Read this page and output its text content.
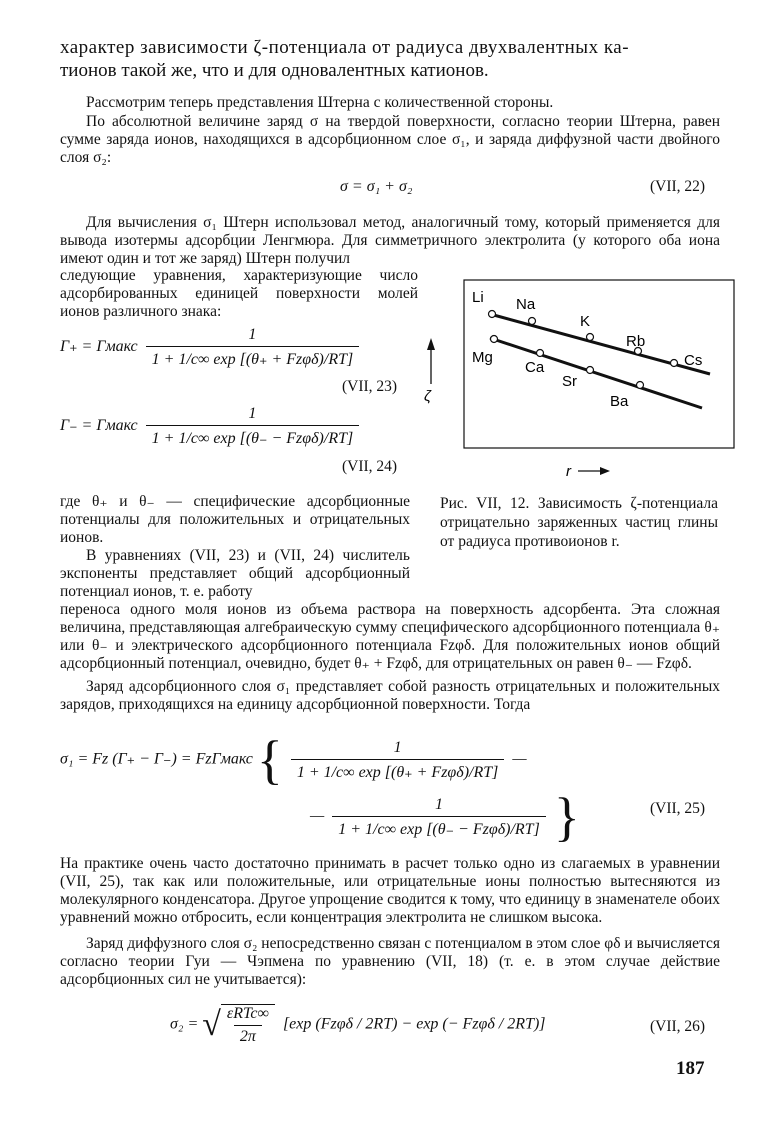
характер зависимости ζ-потенциала от радиуса двухвалентных ка-
тионов такой же, что и для одновалентных катионов.
Рассмотрим теперь представления Штерна с количественной стороны.
По абсолютной величине заряд σ на твердой поверхности, согласно теории Штерна, равен сумме заряда ионов, находящихся в адсорбционном слое σ₁, и заряда диффузной части двойного слоя σ₂:
σ = σ₁ + σ₂	(VII, 22)
Для вычисления σ₁ Штерн использовал метод, аналогичный тому, который применяется для вывода изотермы адсорбции Ленгмюра. Для симметричного электролита (у которого оба иона имеют один и тот же заряд) Штерн получил
следующие уравнения, характеризующие число адсорбированных единицей поверхности молей ионов различного знака:
Γ₊ = Γмакс $\frac{1}{\text{1 + 1/c∞ exp [(θ₊ + Fzφδ)/RT]}}$
(VII, 23)
Γ₋ = Γмакс $\frac{1}{\text{1 + 1/c∞ exp [(θ₋ − Fzφδ)/RT]}}$
(VII, 24)
ζ
Li Na
K
Rb
Cs
Mg
Ca
Sr
Ba
r
Рис. VII, 12. Зависимость ζ-потенциала отрицательно заряженных частиц глины от радиуса противоионов r.
где θ₊ и θ₋ — специфические адсорбционные потенциалы для положительных и отрицательных ионов.
В уравнениях (VII, 23) и (VII, 24) числитель экспоненты представляет общий адсорбционный потенциал ионов, т. е. работу
переноса одного моля ионов из объема раствора на поверхность адсорбента. Эта сложная величина, представляющая алгебраическую сумму специфического адсорбционного потенциала θ₊ или θ₋ и электрического адсорбционного потенциала Fzφδ. Для положительных ионов общий адсорбционный потенциал, очевидно, будет θ₊ + Fzφδ, для отрицательных он равен θ₋ — Fzφδ.
Заряд адсорбционного слоя σ₁ представляет собой разность отрицательных и положительных зарядов, приходящихся на единицу адсорбционной поверхности. Тогда
σ₁ = Fz (Γ₊ − Γ₋) = FzΓмакс { $\frac{1}{\text{1 + 1/c∞ exp [(θ₊ + Fzφδ)/RT]}}$ —
— $\frac{1}{\text{1 + 1/c∞ exp [(θ₋ − Fzφδ)/RT]}}$ }	(VII, 25)
На практике очень часто достаточно принимать в расчет только одно из слагаемых в уравнении (VII, 25), так как или положительные, или отрицательные ионы полностью вытесняются из молекулярного конденсатора. Другое упрощение сводится к тому, что единицу в знаменателе обоих уравнений можно отбросить, если концентрация электролита не слишком высока.
Заряд диффузного слоя σ₂ непосредственно связан с потенциалом в этом слое φδ и вычисляется согласно теории Гуи — Чэпмена по уравнению (VII, 18) (т. е. в этом случае действие адсорбционных сил не учитывается):
σ₂ = √ $\frac{\text{εRTc∞}}{2\pi} [\exp$ (Fzφδ / 2RT) − exp (− Fzφδ / 2RT)]	(VII, 26)
187
